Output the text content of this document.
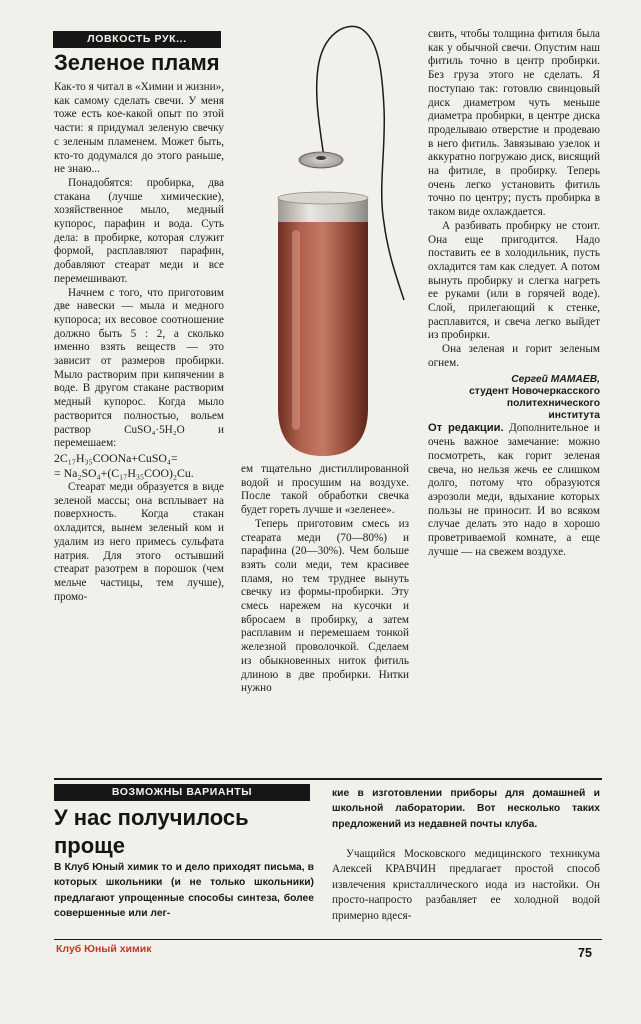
ЛОВКОСТЬ РУК...
Зеленое пламя

Как-то я читал в «Химии и жизни», как самому сделать свечи. У меня тоже есть кое-какой опыт по этой части: я придумал зеленую свечку с зеленым пламенем. Может быть, кто-то додумался до этого раньше, не знаю...

Понадобятся: пробирка, два стакана (лучше химические), хозяйственное мыло, медный купорос, парафин и вода. Суть дела: в пробирке, которая служит формой, расплавляют парафин, добавляют стеарат меди и все перемешивают.

Начнем с того, что приготовим две навески — мыла и медного купороса; их весовое соотношение должно быть 5 : 2, а сколько именно взять веществ — это зависит от размеров пробирки. Мыло растворим при кипячении в воде. В другом стакане растворим медный купорос. Когда мыло растворится полностью, вольем раствор CuSO₄·5H₂O и перемешаем:

2C₁₇H₃₅COONa+CuSO₄=

= Na₂SO₄+(C₁₇H₃₅COO)₂Cu.

Стеарат меди образуется в виде зеленой массы; она всплывает на поверхность. Когда стакан охладится, вынем зеленый ком и удалим из него примесь сульфата натрия. Для этого остывший стеарат разотрем в порошок (чем мельче частицы, тем лучше), промо-

ем тщательно дистиллированной водой и просушим на воздухе. После такой обработки свечка будет гореть лучше и «зеленее».

Теперь приготовим смесь из стеарата меди (70—80%) и парафина (20—30%). Чем больше взять соли меди, тем красивее пламя, но тем труднее вынуть свечку из формы-пробирки. Эту смесь нарежем на кусочки и вбросаем в пробирку, а затем расплавим и перемешаем тонкой железной проволочкой. Сделаем из обыкновенных ниток фитиль длиною в две пробирки. Нитки нужно

свить, чтобы толщина фитиля была как у обычной свечи. Опустим наш фитиль точно в центр пробирки. Без груза этого не сделать. Я поступаю так: готовлю свинцовый диск диаметром чуть меньше диаметра пробирки, в центре диска проделываю отверстие и продеваю в него фитиль. Завязываю узелок и аккуратно погружаю диск, висящий на фитиле, в пробирку. Теперь очень легко установить фитиль точно по центру; пусть пробирка в таком виде охлаждается.

А разбивать пробирку не стоит. Она еще пригодится. Надо поставить ее в холодильник, пусть охладится там как следует. А потом вынуть пробирку и слегка нагреть ее руками (или в горячей воде). Слой, прилегающий к стенке, расплавится, и свеча легко выйдет из пробирки.

Она зеленая и горит зеленым огнем.

Сергей МАМАЕВ,
студент Новочеркасского
политехнического
института

От редакции. Дополнительное и очень важное замечание: можно посмотреть, как горит зеленая свеча, но нельзя жечь ее слишком долго, потому что образуются аэрозоли меди, вдыхание которых пользы не приносит. И во всяком случае делать это надо в хорошо проветриваемой комнате, а еще лучше — на свежем воздухе.

ВОЗМОЖНЫ ВАРИАНТЫ
У нас получилось
проще
В Клуб Юный химик то и дело приходят письма, в которых школьники (и не только школьники) предлагают упрощенные способы синтеза, более совершенные или лег-
кие в изготовлении приборы для домашней и школьной лаборатории. Вот несколько таких предложений из недавней почты клуба.

Учащийся Московского медицинского техникума Алексей КРАВЧИН предлагает простой способ извлечения кристаллического иода из настойки. Он просто-напросто разбавляет ее холодной водой примерно вдеся-

Клуб Юный химик	75
